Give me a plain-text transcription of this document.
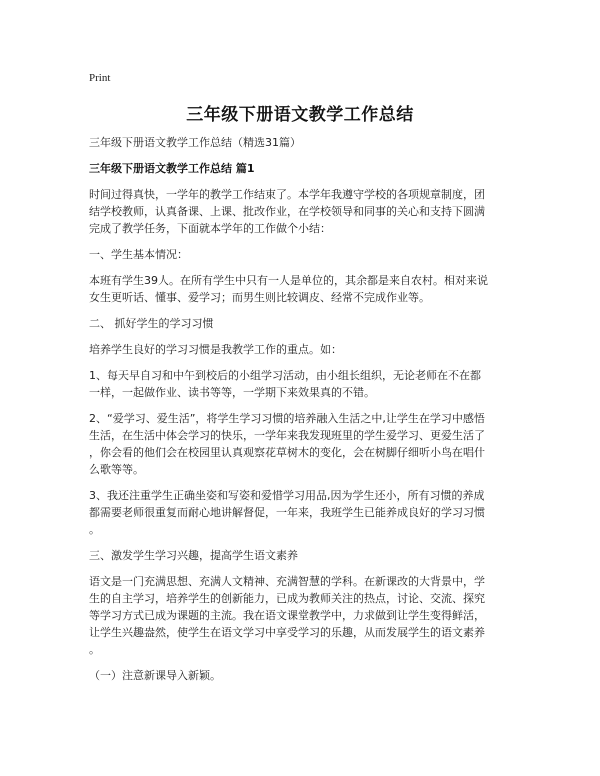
Print
三年级下册语文教学工作总结
三年级下册语文教学工作总结（精选31篇）
三年级下册语文教学工作总结 篇1
时间过得真快，一学年的教学工作结束了。本学年我遵守学校的各项规章制度，团
结学校教师，认真备课、上课、批改作业，在学校领导和同事的关心和支持下圆满
完成了教学任务，下面就本学年的工作做个小结：
一、学生基本情况：
本班有学生39人。在所有学生中只有一人是单位的，其余都是来自农村。相对来说
女生更听话、懂事、爱学习；而男生则比较调皮、经常不完成作业等。
二、 抓好学生的学习习惯
培养学生良好的学习习惯是我教学工作的重点。如：
1、每天早自习和中午到校后的小组学习活动，由小组长组织，无论老师在不在都
一样，一起做作业、读书等等，一学期下来效果真的不错。
2、“爱学习、爱生活”，将学生学习习惯的培养融入生活之中,让学生在学习中感悟
生活，在生活中体会学习的快乐，一学年来我发现班里的学生爱学习、更爱生活了
，你会看的他们会在校园里认真观察花草树木的变化，会在树脚仔细听小鸟在唱什
么歌等等。
3、我还注重学生正确坐姿和写姿和爱惜学习用品,因为学生还小，所有习惯的养成
都需要老师很重复而耐心地讲解督促，一年来，我班学生已能养成良好的学习习惯
。
三、激发学生学习兴趣，提高学生语文素养
语文是一门充满思想、充满人文精神、充满智慧的学科。在新课改的大背景中，学
生的自主学习，培养学生的创新能力，已成为教师关注的热点，讨论、交流、探究
等学习方式已成为课题的主流。我在语文课堂教学中，力求做到让学生变得鲜活，
让学生兴趣盎然，使学生在语文学习中享受学习的乐趣，从而发展学生的语文素养
。
（一）注意新课导入新颖。
